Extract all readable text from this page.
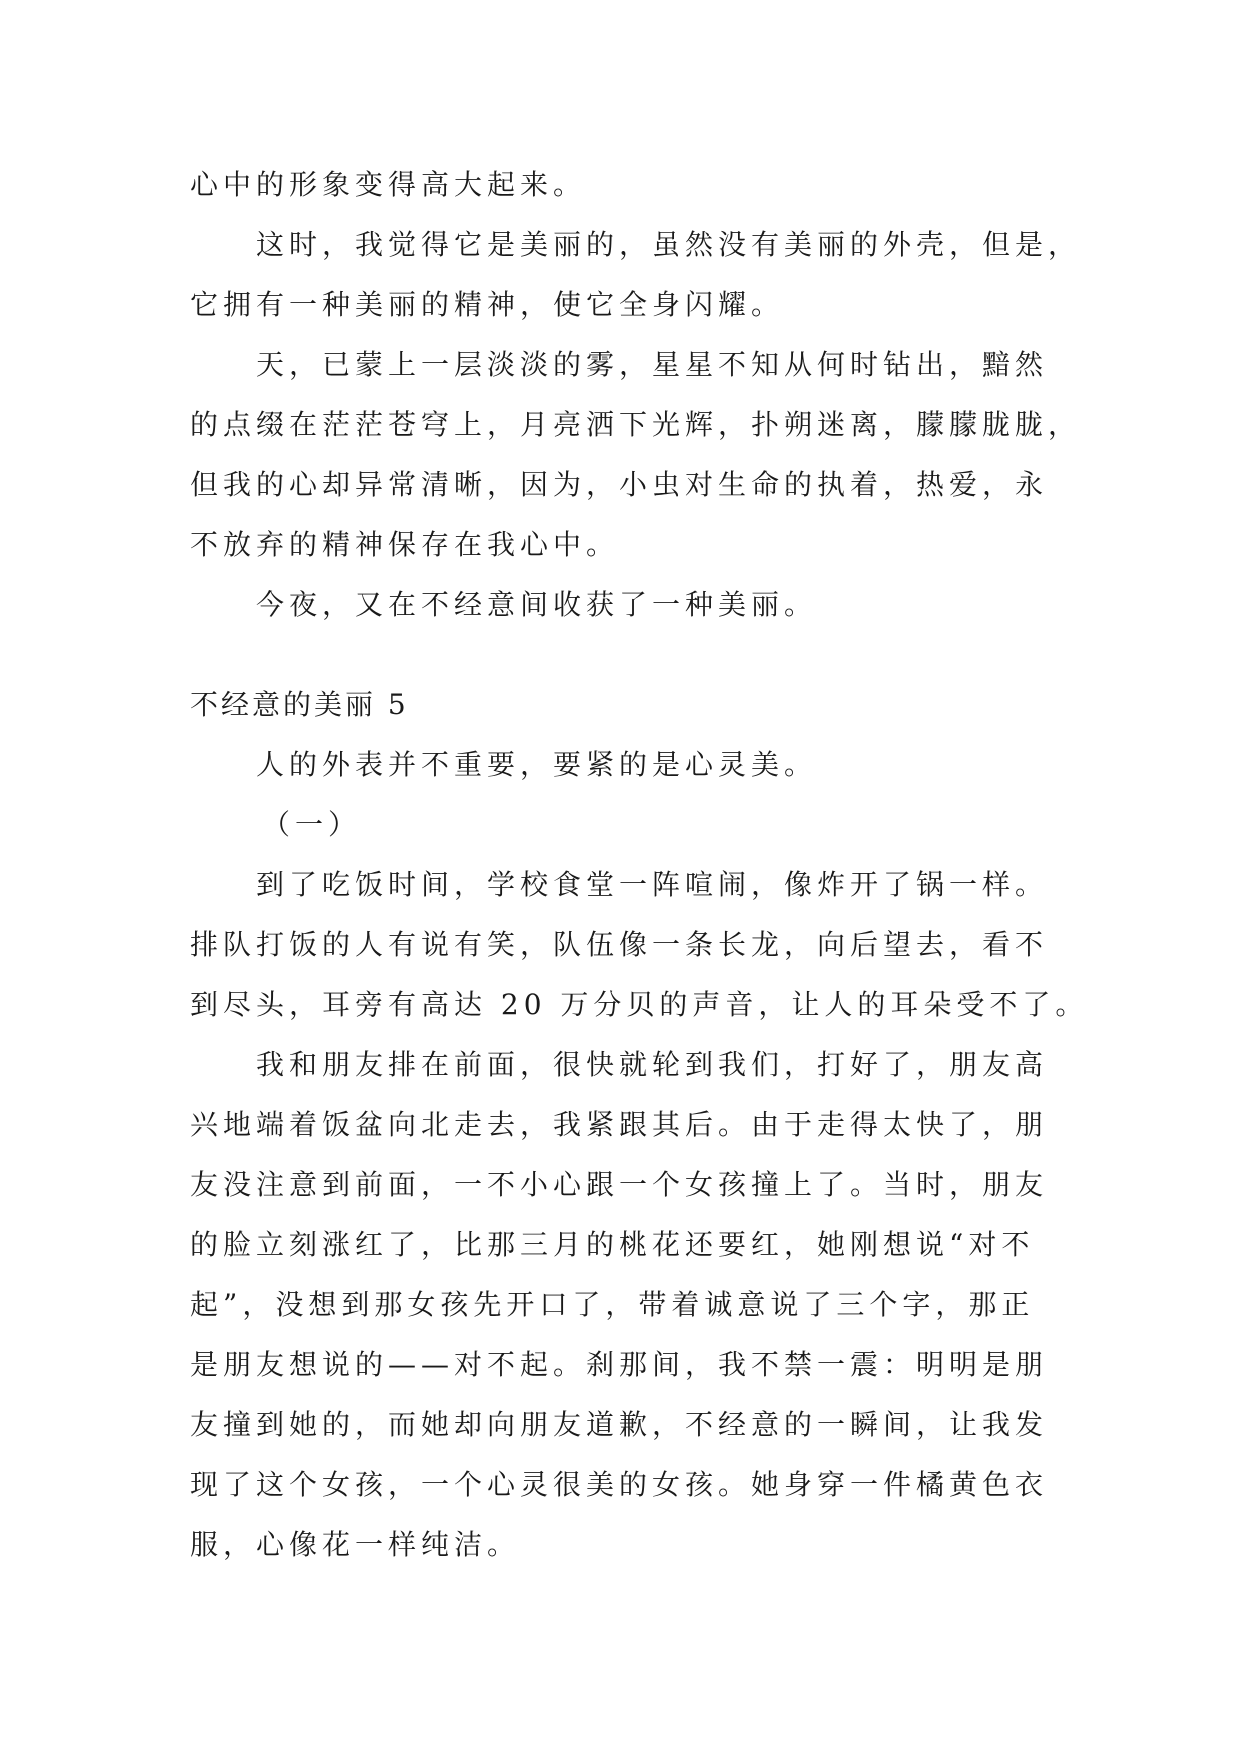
心中的形象变得高大起来。
这时，我觉得它是美丽的，虽然没有美丽的外壳，但是，
它拥有一种美丽的精神，使它全身闪耀。
天，已蒙上一层淡淡的雾，星星不知从何时钻出，黯然
的点缀在茫茫苍穹上，月亮洒下光辉，扑朔迷离，朦朦胧胧，
但我的心却异常清晰，因为，小虫对生命的执着，热爱，永
不放弃的精神保存在我心中。
今夜，又在不经意间收获了一种美丽。
不经意的美丽 5
人的外表并不重要，要紧的是心灵美。
（一）
到了吃饭时间，学校食堂一阵喧闹，像炸开了锅一样。
排队打饭的人有说有笑，队伍像一条长龙，向后望去，看不
到尽头，耳旁有高达 20 万分贝的声音，让人的耳朵受不了。
我和朋友排在前面，很快就轮到我们，打好了，朋友高
兴地端着饭盆向北走去，我紧跟其后。由于走得太快了，朋
友没注意到前面，一不小心跟一个女孩撞上了。当时，朋友
的脸立刻涨红了，比那三月的桃花还要红，她刚想说“对不
起”，没想到那女孩先开口了，带着诚意说了三个字，那正
是朋友想说的——对不起。刹那间，我不禁一震：明明是朋
友撞到她的，而她却向朋友道歉，不经意的一瞬间，让我发
现了这个女孩，一个心灵很美的女孩。她身穿一件橘黄色衣
服，心像花一样纯洁。
